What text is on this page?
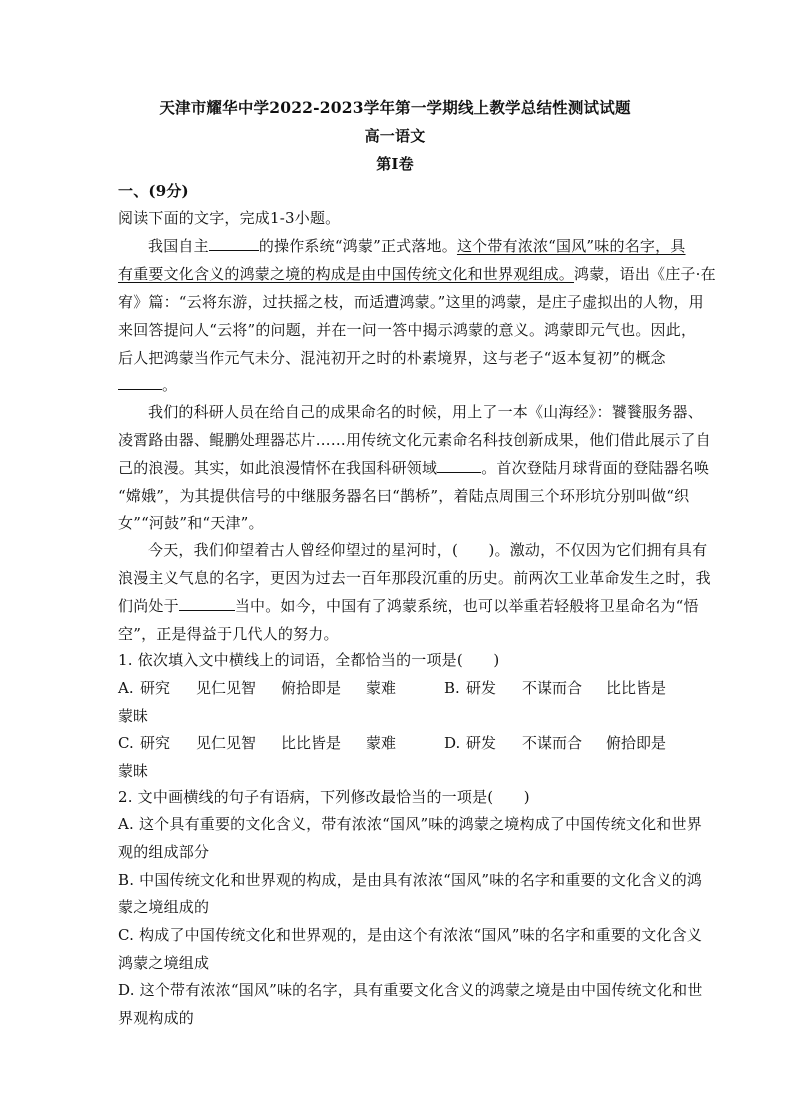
天津市耀华中学2022-2023学年第一学期线上教学总结性测试试题
高一语文
第Ⅰ卷
一、(9分)
阅读下面的文字，完成1-3小题。
我国自主	的操作系统“鸿蒙”正式落地。这个带有浓浓“国风”味的名字，具
有重要文化含义的鸿蒙之境的构成是由中国传统文化和世界观组成。鸿蒙，语出《庄子·在
宥》篇：“云将东游，过扶摇之枝，而适遭鸿蒙。”这里的鸿蒙，是庄子虚拟出的人物，用
来回答提问人“云将”的问题，并在一问一答中揭示鸿蒙的意义。鸿蒙即元气也。因此，
后人把鸿蒙当作元气未分、混沌初开之时的朴素境界，这与老子“返本复初”的概念
。
我们的科研人员在给自己的成果命名的时候，用上了一本《山海经》：饕餮服务器、
凌霄路由器、鲲鹏处理器芯片……用传统文化元素命名科技创新成果，他们借此展示了自
己的浪漫。其实，如此浪漫情怀在我国科研领域	。首次登陆月球背面的登陆器名唤
“嫦娥”，为其提供信号的中继服务器名曰“鹊桥”，着陆点周围三个环形坑分别叫做“织
女”“河鼓”和“天津”。
今天，我们仰望着古人曾经仰望过的星河时，(　　)。激动，不仅因为它们拥有具有
浪漫主义气息的名字，更因为过去一百年那段沉重的历史。前两次工业革命发生之时，我
们尚处于	当中。如今，中国有了鸿蒙系统，也可以举重若轻般将卫星命名为“悟
空”，正是得益于几代人的努力。
1. 依次填入文中横线上的词语，全都恰当的一项是(　　)
A. 研究 见仁见智 俯拾即是 蒙难	B. 研发 不谋而合 比比皆是
蒙昧
C. 研究 见仁见智 比比皆是 蒙难	D. 研发 不谋而合 俯拾即是
蒙昧
2. 文中画横线的句子有语病，下列修改最恰当的一项是(　　)
A. 这个具有重要的文化含义，带有浓浓“国风”味的鸿蒙之境构成了中国传统文化和世界
观的组成部分
B. 中国传统文化和世界观的构成，是由具有浓浓“国风”味的名字和重要的文化含义的鸿
蒙之境组成的
C. 构成了中国传统文化和世界观的，是由这个有浓浓“国风”味的名字和重要的文化含义
鸿蒙之境组成
D. 这个带有浓浓“国风”味的名字，具有重要文化含义的鸿蒙之境是由中国传统文化和世
界观构成的
